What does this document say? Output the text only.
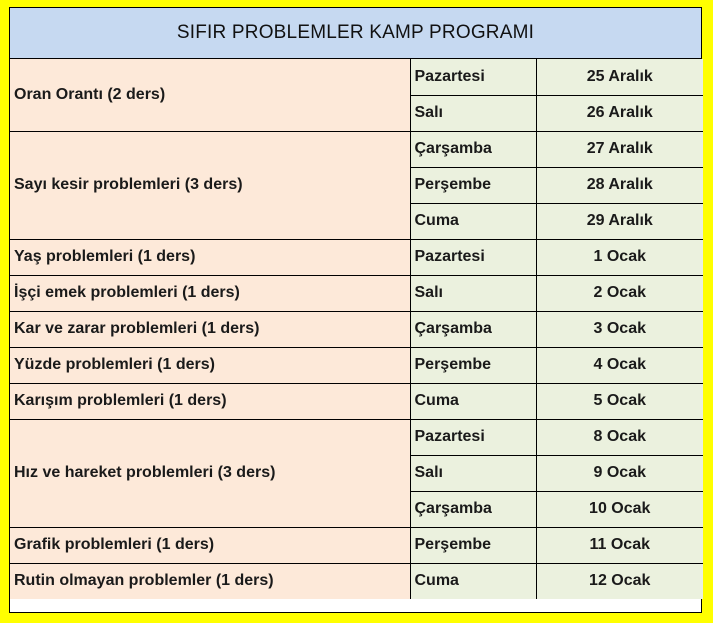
SIFIR PROBLEMLER KAMP PROGRAMI
Oran Orantı (2 ders)	Pazartesi	25 Aralık
	Salı	26 Aralık
Sayı kesir problemleri (3 ders)	Çarşamba	27 Aralık
	Perşembe	28 Aralık
	Cuma	29 Aralık
Yaş problemleri (1 ders)	Pazartesi	1 Ocak
İşçi emek problemleri (1 ders)	Salı	2 Ocak
Kar ve zarar problemleri (1 ders)	Çarşamba	3 Ocak
Yüzde problemleri (1 ders)	Perşembe	4 Ocak
Karışım problemleri (1 ders)	Cuma	5 Ocak
Hız ve hareket problemleri (3 ders)	Pazartesi	8 Ocak
	Salı	9 Ocak
	Çarşamba	10 Ocak
Grafik problemleri (1 ders)	Perşembe	11 Ocak
Rutin olmayan problemler (1 ders)	Cuma	12 Ocak
